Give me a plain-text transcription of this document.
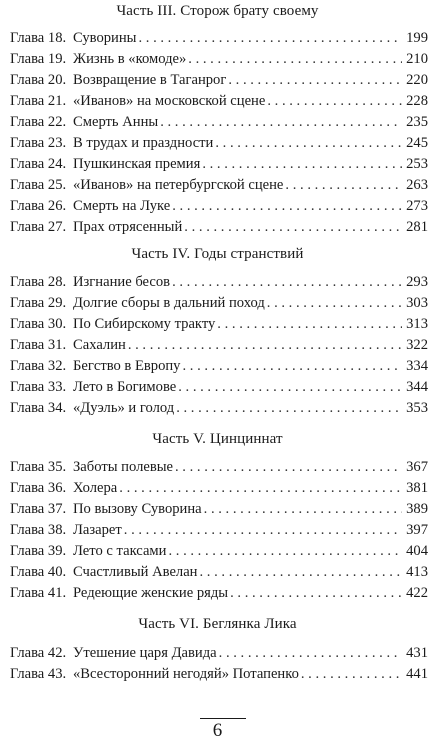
Часть III. Сторож брату своему
Глава 18. Суворины . . .	199
Глава 19. Жизнь в «комоде» . . .	210
Глава 20. Возвращение в Таганрог . . .	220
Глава 21. «Иванов» на московской сцене . . .	228
Глава 22. Смерть Анны . . .	235
Глава 23. В трудах и праздности . . .	245
Глава 24. Пушкинская премия . . .	253
Глава 25. «Иванов» на петербургской сцене . . .	263
Глава 26. Смерть на Луке . . .	273
Глава 27. Прах отрясенный . . .	281
Часть IV. Годы странствий
Глава 28. Изгнание бесов . . .	293
Глава 29. Долгие сборы в дальний поход . . .	303
Глава 30. По Сибирскому тракту . . .	313
Глава 31. Сахалин . . .	322
Глава 32. Бегство в Европу . . .	334
Глава 33. Лето в Богимове . . .	344
Глава 34. «Дуэль» и голод . . .	353
Часть V. Цинциннат
Глава 35. Заботы полевые . . .	367
Глава 36. Холера . . .	381
Глава 37. По вызову Суворина . . .	389
Глава 38. Лазарет . . .	397
Глава 39. Лето с таксами . . .	404
Глава 40. Счастливый Авелан . . .	413
Глава 41. Редеющие женские ряды . . .	422
Часть VI. Беглянка Лика
Глава 42. Утешение царя Давида . . .	431
Глава 43. «Всесторонний негодяй» Потапенко . . .	441
6
